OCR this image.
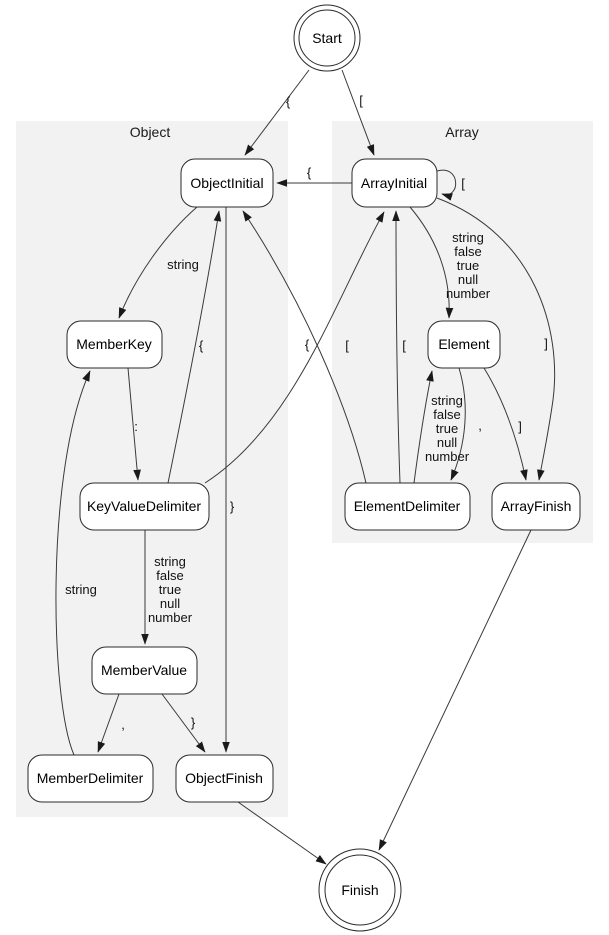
Object	Array
{	[
{
[
string
false
true
null
number
]
string
}
:
string
false
true
null
number
{	[
{	[
,	}
string
,	]
string
false
true
null
number
Start
ObjectInitial	ArrayInitial
MemberKey	Element
KeyValueDelimiter	ElementDelimiter	ArrayFinish
MemberValue
MemberDelimiter	ObjectFinish
Finish
